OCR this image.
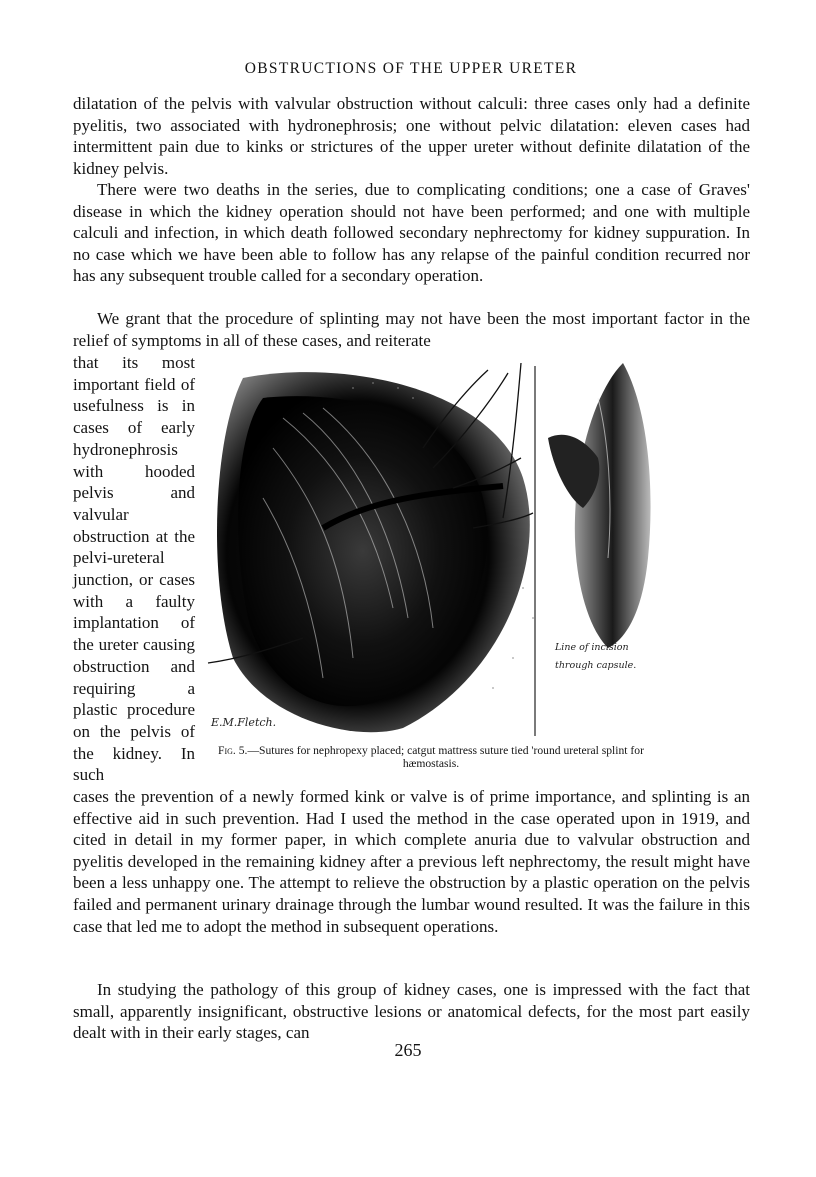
OBSTRUCTIONS OF THE UPPER URETER

dilatation of the pelvis with valvular obstruction without calculi: three cases only had a definite pyelitis, two associated with hydronephrosis; one without pelvic dilatation: eleven cases had intermittent pain due to kinks or strictures of the upper ureter without definite dilatation of the kidney pelvis.

There were two deaths in the series, due to complicating conditions; one a case of Graves' disease in which the kidney operation should not have been performed; and one with multiple calculi and infection, in which death followed secondary nephrectomy for kidney suppuration. In no case which we have been able to follow has any relapse of the painful condition recurred nor has any subsequent trouble called for a secondary operation.

We grant that the procedure of splinting may not have been the most important factor in the relief of symptoms in all of these cases, and reiterate

that its most important field of usefulness is in cases of early hydronephrosis with hooded pelvis and valvular obstruction at the pelvi-ureteral junction, or cases with a faulty implantation of the ureter causing obstruction and requiring a plastic procedure on the pelvis of the kidney. In such

E.M.Fletch.
Line of incision
through capsule.
Fig. 5.—Sutures for nephropexy placed; catgut mattress suture tied 'round ureteral splint for hæmostasis.

cases the prevention of a newly formed kink or valve is of prime importance, and splinting is an effective aid in such prevention. Had I used the method in the case operated upon in 1919, and cited in detail in my former paper, in which complete anuria due to valvular obstruction and pyelitis developed in the remaining kidney after a previous left nephrectomy, the result might have been a less unhappy one. The attempt to relieve the obstruction by a plastic operation on the pelvis failed and permanent urinary drainage through the lumbar wound resulted. It was the failure in this case that led me to adopt the method in subsequent operations.

In studying the pathology of this group of kidney cases, one is impressed with the fact that small, apparently insignificant, obstructive lesions or anatomical defects, for the most part easily dealt with in their early stages, can

265
